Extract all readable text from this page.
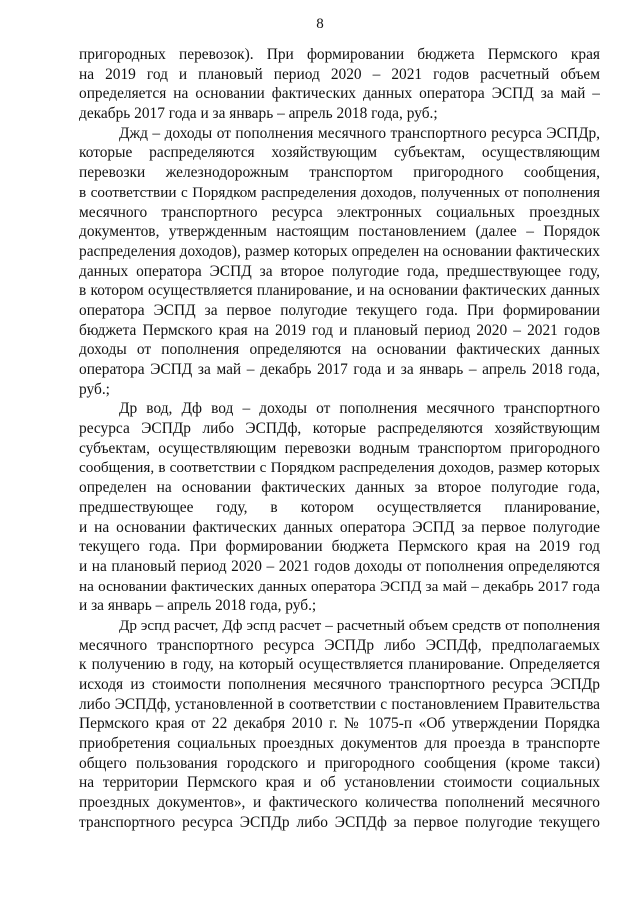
8
пригородных перевозок). При формировании бюджета Пермского края
на 2019 год и плановый период 2020 – 2021 годов расчетный объем
определяется на основании фактических данных оператора ЭСПД за май –
декабрь 2017 года и за январь – апрель 2018 года, руб.;
Джд – доходы от пополнения месячного транспортного ресурса ЭСПДр,
которые распределяются хозяйствующим субъектам, осуществляющим
перевозки железнодорожным транспортом пригородного сообщения,
в соответствии с Порядком распределения доходов, полученных от пополнения
месячного транспортного ресурса электронных социальных проездных
документов, утвержденным настоящим постановлением (далее – Порядок
распределения доходов), размер которых определен на основании фактических
данных оператора ЭСПД за второе полугодие года, предшествующее году,
в котором осуществляется планирование, и на основании фактических данных
оператора ЭСПД за первое полугодие текущего года. При формировании
бюджета Пермского края на 2019 год и плановый период 2020 – 2021 годов
доходы от пополнения определяются на основании фактических данных
оператора ЭСПД за май – декабрь 2017 года и за январь – апрель 2018 года,
руб.;
Др вод, Дф вод – доходы от пополнения месячного транспортного
ресурса ЭСПДр либо ЭСПДф, которые распределяются хозяйствующим
субъектам, осуществляющим перевозки водным транспортом пригородного
сообщения, в соответствии с Порядком распределения доходов, размер которых
определен на основании фактических данных за второе полугодие года,
предшествующее году, в котором осуществляется планирование,
и на основании фактических данных оператора ЭСПД за первое полугодие
текущего года. При формировании бюджета Пермского края на 2019 год
и на плановый период 2020 – 2021 годов доходы от пополнения определяются
на основании фактических данных оператора ЭСПД за май – декабрь 2017 года
и за январь – апрель 2018 года, руб.;
Др эспд расчет, Дф эспд расчет – расчетный объем средств от пополнения
месячного транспортного ресурса ЭСПДр либо ЭСПДф, предполагаемых
к получению в году, на который осуществляется планирование. Определяется
исходя из стоимости пополнения месячного транспортного ресурса ЭСПДр
либо ЭСПДф, установленной в соответствии с постановлением Правительства
Пермского края от 22 декабря 2010 г. № 1075-п «Об утверждении Порядка
приобретения социальных проездных документов для проезда в транспорте
общего пользования городского и пригородного сообщения (кроме такси)
на территории Пермского края и об установлении стоимости социальных
проездных документов», и фактического количества пополнений месячного
транспортного ресурса ЭСПДр либо ЭСПДф за первое полугодие текущего
